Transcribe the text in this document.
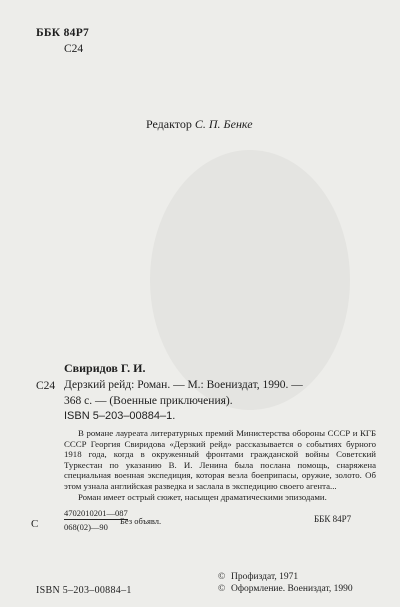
ББК 84Р7
С24
Редактор С. П. Бенке
Свиридов Г. И.
С24 Дерзкий рейд: Роман. — М.: Воениздат, 1990. —

368 с. — (Военные приключения).

ISBN 5–203–00884–1.

В романе лауреата литературных премий Министерства обороны СССР и КГБ СССР Георгия Свиридова «Дерзкий рейд» рассказывается о событиях бурного 1918 года, когда в окруженный фронтами гражданской войны Советский Туркестан по указанию В. И. Ленина была послана помощь, снаряжена специальная военная экспедиция, которая везла боеприпасы, оружие, золото. Об этом узнала английская разведка и заслала в экспедицию своего агента...

Роман имеет острый сюжет, насыщен драматическими эпизодами.

С
4702010201—087
068(02)—90
Без объявл.	ББК 84Р7
ISBN 5–203–00884–1
© Профиздат, 1971
© Оформление. Воениздат, 1990
